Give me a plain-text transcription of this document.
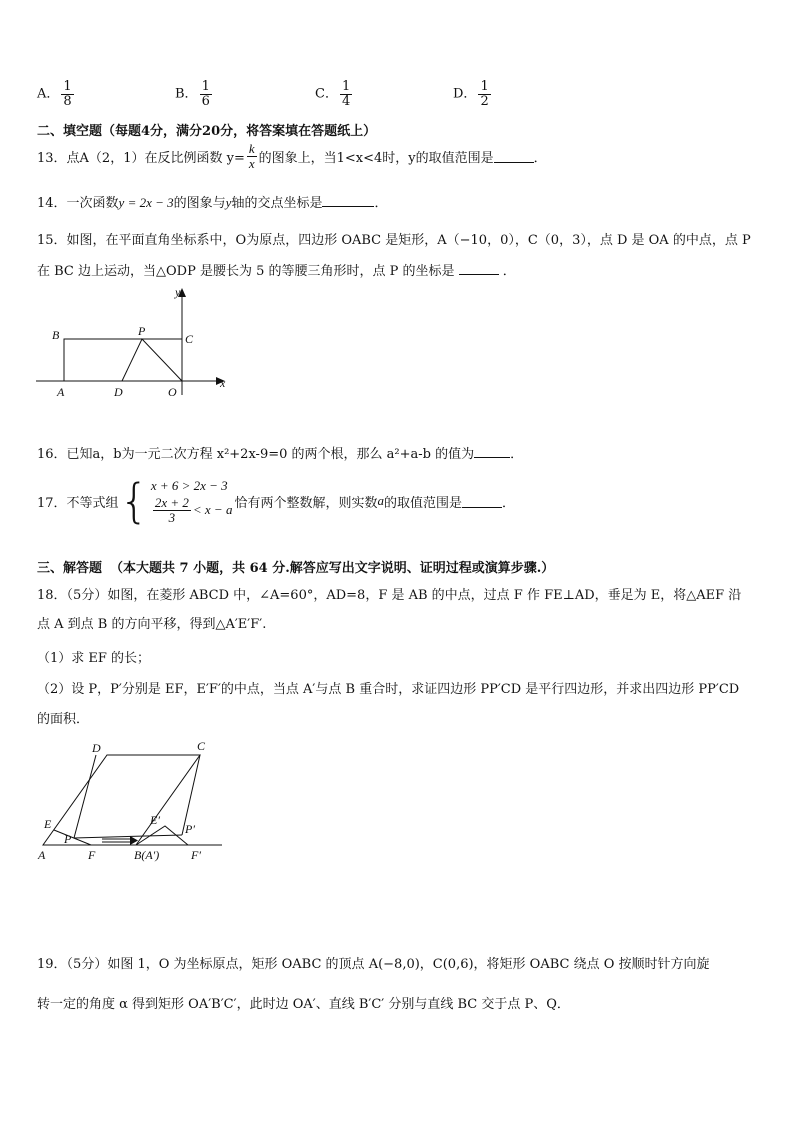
A． $\frac{1}{8}$	B． $\frac{1}{6}$	C． $\frac{1}{4}$	D． $\frac{1}{2}$
二、填空题（每题4分，满分20分，将答案填在答题纸上）
13．点A（2，1）在反比例函数 $y= \frac{k}{x}$ 的图象上，当1<x<4时，y的取值范围是	．
14．一次函数y = 2x − 3的图象与y轴的交点坐标是	．
15．如图，在平面直角坐标系中，O为原点，四边形 OABC 是矩形，A（−10，0），C（0，3），点 D 是 OA 的中点，点 P
在 BC 边上运动，当△ODP 是腰长为 5 的等腰三角形时，点 P 的坐标是	．
y
x
B	P
C
A	D	O
16．已知a，b为一元二次方程 x²+2x-9=0 的两个根，那么 a²+a-b 的值为	．
17．不等式组 { x + 6 > 2x − 3
$\frac{2x + 2}{3} < x - a$ 恰有两个整数解，则实数 a 的取值范围是	．
三、解答题 （本大题共 7 小题，共 64 分.解答应写出文字说明、证明过程或演算步骤.）
18．（5分）如图，在菱形 ABCD 中，∠A=60°，AD=8，F 是 AB 的中点，过点 F 作 FE⊥AD，垂足为 E，将△AEF 沿
点 A 到点 B 的方向平移，得到△A′E′F′.
（1）求 EF 的长；
（2）设 P，P′分别是 EF，E′F′的中点，当点 A′与点 B 重合时，求证四边形 PP′CD 是平行四边形，并求出四边形 PP′CD
的面积．
D	C
E
P
E′
P′
A	F	B(A′)	F′
19．（5分）如图 1，O 为坐标原点，矩形 OABC 的顶点 A(−8,0)，C(0,6)，将矩形 OABC 绕点 O 按顺时针方向旋
转一定的角度 α 得到矩形 OA′B′C′，此时边 OA′、直线 B′C′ 分别与直线 BC 交于点 P、Q．
